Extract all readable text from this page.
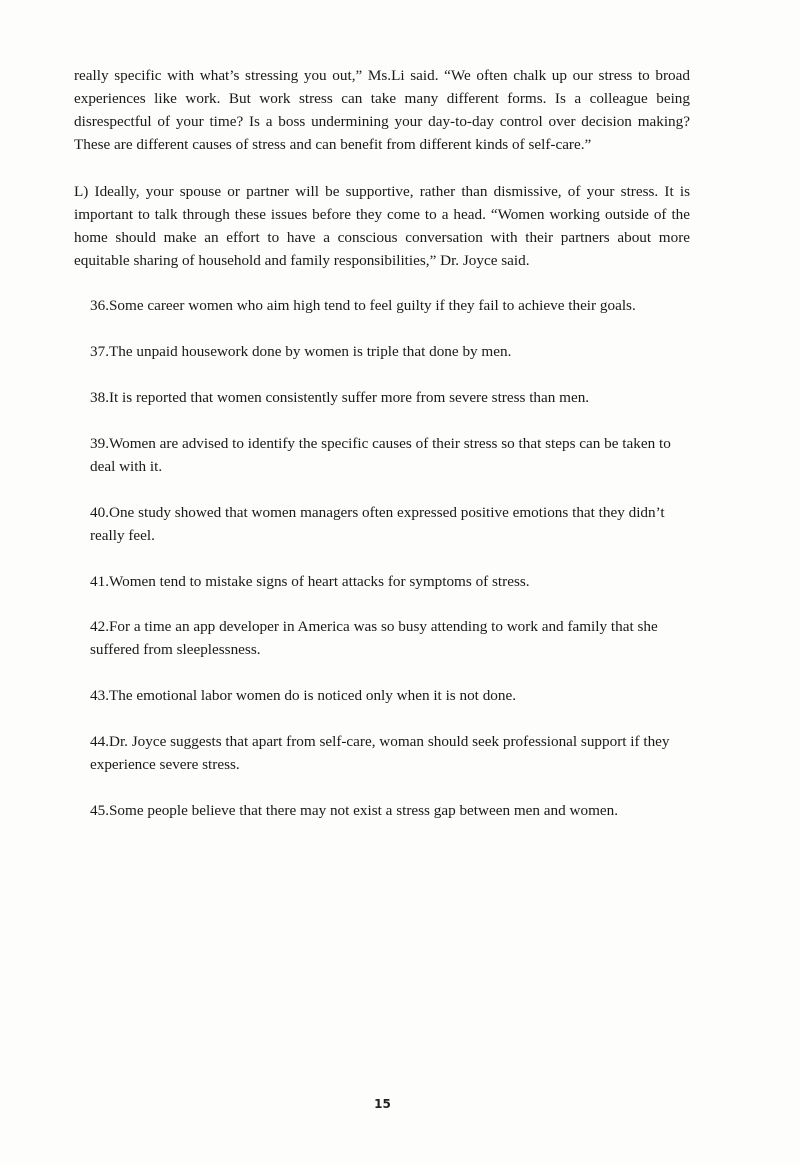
really specific with what’s stressing you out,” Ms.Li said. “We often chalk up our stress to broad experiences like work. But work stress can take many different forms. Is a colleague being disrespectful of your time? Is a boss undermining your day-to-day control over decision making? These are different causes of stress and can benefit from different kinds of self-care.”

L) Ideally, your spouse or partner will be supportive, rather than dismissive, of your stress. It is important to talk through these issues before they come to a head. “Women working outside of the home should make an effort to have a conscious conversation with their partners about more equitable sharing of household and family responsibilities,” Dr. Joyce said.

36.Some career women who aim high tend to feel guilty if they fail to achieve their goals.

37.The unpaid housework done by women is triple that done by men.

38.It is reported that women consistently suffer more from severe stress than men.

39.Women are advised to identify the specific causes of their stress so that steps can be taken to deal with it.

40.One study showed that women managers often expressed positive emotions that they didn’t really feel.

41.Women tend to mistake signs of heart attacks for symptoms of stress.

42.For a time an app developer in America was so busy attending to work and family that she suffered from sleeplessness.

43.The emotional labor women do is noticed only when it is not done.

44.Dr. Joyce suggests that apart from self-care, woman should seek professional support if they experience severe stress.

45.Some people believe that there may not exist a stress gap between men and women.

15
